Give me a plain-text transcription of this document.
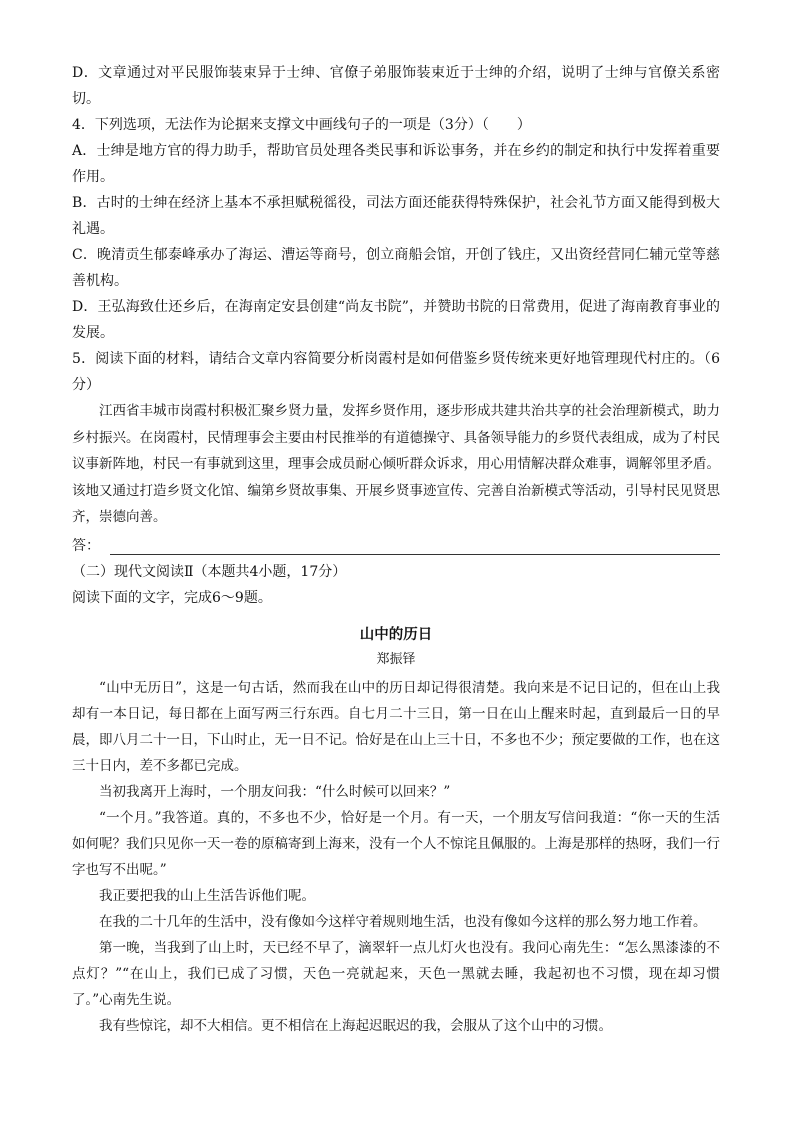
D．文章通过对平民服饰装束异于士绅、官僚子弟服饰装束近于士绅的介绍，说明了士绅与官僚关系密切。

4．下列选项，无法作为论据来支撑文中画线句子的一项是（3分）（　　）

A．士绅是地方官的得力助手，帮助官员处理各类民事和诉讼事务，并在乡约的制定和执行中发挥着重要作用。

B．古时的士绅在经济上基本不承担赋税徭役，司法方面还能获得特殊保护，社会礼节方面又能得到极大礼遇。

C．晚清贡生郁泰峰承办了海运、漕运等商号，创立商船会馆，开创了钱庄，又出资经营同仁辅元堂等慈善机构。

D．王弘海致仕还乡后，在海南定安县创建“尚友书院”，并赞助书院的日常费用，促进了海南教育事业的发展。

5．阅读下面的材料，请结合文章内容简要分析岗霞村是如何借鉴乡贤传统来更好地管理现代村庄的。（6分）

江西省丰城市岗霞村积极汇聚乡贤力量，发挥乡贤作用，逐步形成共建共治共享的社会治理新模式，助力乡村振兴。在岗霞村，民情理事会主要由村民推举的有道德操守、具备领导能力的乡贤代表组成，成为了村民议事新阵地，村民一有事就到这里，理事会成员耐心倾听群众诉求，用心用情解决群众难事，调解邻里矛盾。该地又通过打造乡贤文化馆、编第乡贤故事集、开展乡贤事迹宣传、完善自治新模式等活动，引导村民见贤思齐，崇德向善。

答：

（二）现代文阅读Ⅱ（本题共4小题，17分）

阅读下面的文字，完成6～9题。

山中的历日

郑振铎

“山中无历日”，这是一句古话，然而我在山中的历日却记得很清楚。我向来是不记日记的，但在山上我却有一本日记，每日都在上面写两三行东西。自七月二十三日，第一日在山上醒来时起，直到最后一日的早晨，即八月二十一日，下山时止，无一日不记。恰好是在山上三十日，不多也不少；预定要做的工作，也在这三十日内，差不多都已完成。

当初我离开上海时，一个朋友问我：“什么时候可以回来？”

“一个月。”我答道。真的，不多也不少，恰好是一个月。有一天，一个朋友写信问我道：“你一天的生活如何呢？我们只见你一天一卷的原稿寄到上海来，没有一个人不惊诧且佩服的。上海是那样的热呀，我们一行字也写不出呢。”

我正要把我的山上生活告诉他们呢。

在我的二十几年的生活中，没有像如今这样守着规则地生活，也没有像如今这样的那么努力地工作着。

第一晚，当我到了山上时，天已经不早了，滴翠轩一点儿灯火也没有。我问心南先生：“怎么黑漆漆的不点灯？”“在山上，我们已成了习惯，天色一亮就起来，天色一黑就去睡，我起初也不习惯，现在却习惯了。”心南先生说。

我有些惊诧，却不大相信。更不相信在上海起迟眠迟的我，会服从了这个山中的习惯。
